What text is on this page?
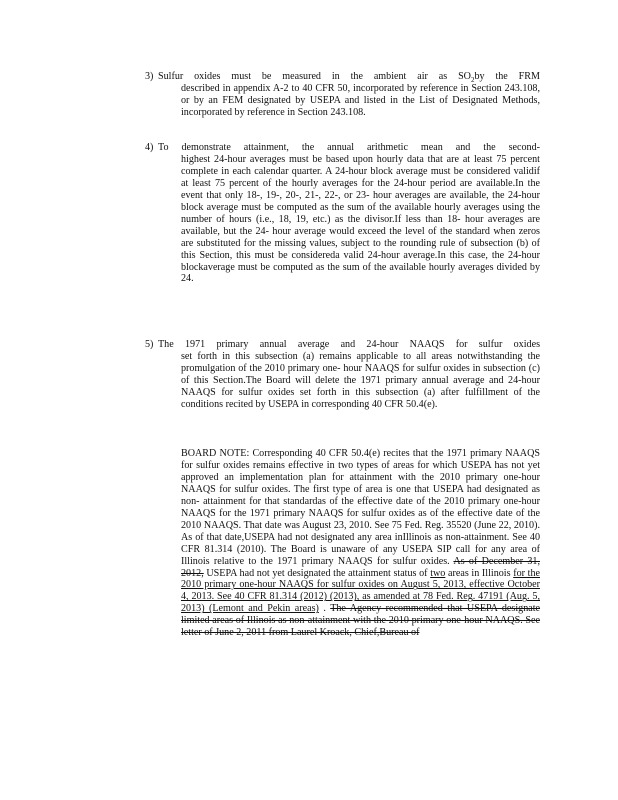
3) Sulfur oxides must be measured in the ambient air as $SO_2by$ the FRM
described in appendix A-2 to 40 CFR 50, incorporated by reference in Section 243.108, or by an FEM designated by USEPA and listed in the List of Designated Methods, incorporated by reference in Section 243.108.
4) To demonstrate attainment, the annual arithmetic mean and the second-
highest 24-hour averages must be based upon hourly data that are at least 75 percent complete in each calendar quarter. A 24-hour block average must be considered validif at least 75 percent of the hourly averages for the 24-hour period are available.In the event that only 18-, 19-, 20-, 21-, 22-, or 23- hour averages are available, the 24-hour block average must be computed as the sum of the available hourly averages using the number of hours (i.e., 18, 19, etc.) as the divisor.If less than 18- hour averages are available, but the 24- hour average would exceed the level of the standard when zeros are substituted for the missing values, subject to the rounding rule of subsection (b) of this Section, this must be considereda valid 24-hour average.In this case, the 24-hour blockaverage must be computed as the sum of the available hourly averages divided by 24.
5) The 1971 primary annual average and 24-hour NAAQS for sulfur oxides
set forth in this subsection (a) remains applicable to all areas notwithstanding the promulgation of the 2010 primary one- hour NAAQS for sulfur oxides in subsection (c) of this Section.The Board will delete the 1971 primary annual average and 24-hour NAAQS for sulfur oxides set forth in this subsection (a) after fulfillment of the conditions recited by USEPA in corresponding 40 CFR 50.4(e).
BOARD NOTE: Corresponding 40 CFR 50.4(e) recites that the 1971 primary NAAQS for sulfur oxides remains effective in two types of areas for which USEPA has not yet approved an implementation plan for attainment with the 2010 primary one-hour NAAQS for sulfur oxides. The first type of area is one that USEPA had designated as non- attainment for that standardas of the effective date of the 2010 primary one-hour NAAQS for the 1971 primary NAAQS for sulfur oxides as of the effective date of the 2010 NAAQS. That date was August 23, 2010. See 75 Fed. Reg. 35520 (June 22, 2010). As of that date,USEPA had not designated any area inIllinois as non-attainment. See 40 CFR 81.314 (2010). The Board is unaware of any USEPA SIP call for any area of Illinois relative to the 1971 primary NAAQS for sulfur oxides. As of December 31, 2012, USEPA had not yet designated the attainment status of two areas in Illinois for the 2010 primary one-hour NAAQS for sulfur oxides on August 5, 2013, effective October 4, 2013. See 40 CFR 81.314 (2012) (2013), as amended at 78 Fed. Reg. 47191 (Aug. 5, 2013) (Lemont and Pekin areas) . The Agency recommended that USEPA designate limited areas of Illinois as non-attainment with the 2010 primary one-hour NAAQS. See letter of June 2, 2011 from Laurel Kroack, Chief,Bureau of
